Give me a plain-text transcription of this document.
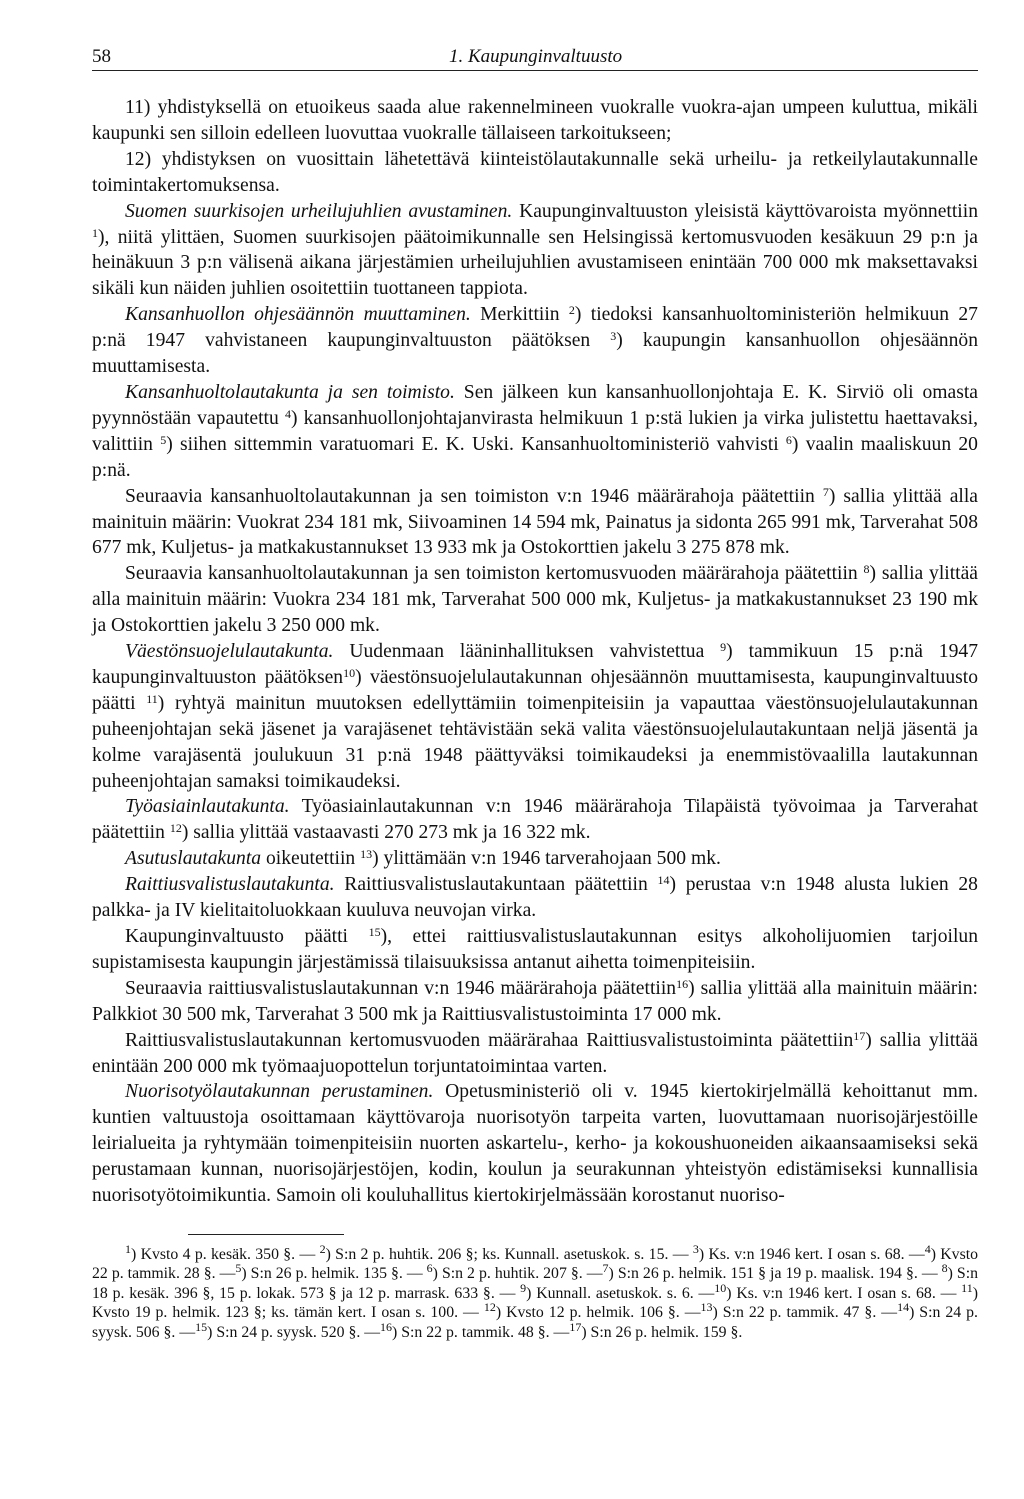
58	1. Kaupunginvaltuusto

11) yhdistyksellä on etuoikeus saada alue rakennelmineen vuokralle vuokra-ajan umpeen kuluttua, mikäli kaupunki sen silloin edelleen luovuttaa vuokralle tällaiseen tarkoitukseen;

12) yhdistyksen on vuosittain lähetettävä kiinteistölautakunnalle sekä urheilu- ja retkeilylautakunnalle toimintakertomuksensa.

Suomen suurkisojen urheilujuhlien avustaminen. Kaupunginvaltuuston yleisistä käyttövaroista myönnettiin $^1$), niitä ylittäen, Suomen suurkisojen päätoimikunnalle sen Helsingissä kertomusvuoden kesäkuun 29 p:n ja heinäkuun 3 p:n välisenä aikana järjestämien urheilujuhlien avustamiseen enintään 700 000 mk maksettavaksi sikäli kun näiden juhlien osoitettiin tuottaneen tappiota.

Kansanhuollon ohjesäännön muuttaminen. Merkittiin $^2$) tiedoksi kansanhuoltoministeriön helmikuun 27 p:nä 1947 vahvistaneen kaupunginvaltuuston päätöksen $^3$) kaupungin kansanhuollon ohjesäännön muuttamisesta.

Kansanhuoltolautakunta ja sen toimisto. Sen jälkeen kun kansanhuollonjohtaja E. K. Sirviö oli omasta pyynnöstään vapautettu $^4$) kansanhuollonjohtajanvirasta helmikuun 1 p:stä lukien ja virka julistettu haettavaksi, valittiin $^5$) siihen sittemmin varatuomari E. K. Uski. Kansanhuoltoministeriö vahvisti $^6$) vaalin maaliskuun 20 p:nä.

Seuraavia kansanhuoltolautakunnan ja sen toimiston v:n 1946 määrärahoja päätettiin $^7$) sallia ylittää alla mainituin määrin: Vuokrat 234 181 mk, Siivoaminen 14 594 mk, Painatus ja sidonta 265 991 mk, Tarverahat 508 677 mk, Kuljetus- ja matkakustannukset 13 933 mk ja Ostokorttien jakelu 3 275 878 mk.

Seuraavia kansanhuoltolautakunnan ja sen toimiston kertomusvuoden määrärahoja päätettiin $^8$) sallia ylittää alla mainituin määrin: Vuokra 234 181 mk, Tarverahat 500 000 mk, Kuljetus- ja matkakustannukset 23 190 mk ja Ostokorttien jakelu 3 250 000 mk.

Väestönsuojelulautakunta. Uudenmaan lääninhallituksen vahvistettua $^9$) tammikuun 15 p:nä 1947 kaupunginvaltuuston päätöksen$^{10}$) väestönsuojelulautakunnan ohjesäännön muuttamisesta, kaupunginvaltuusto päätti $^{11}$) ryhtyä mainitun muutoksen edellyttämiin toimenpiteisiin ja vapauttaa väestönsuojelulautakunnan puheenjohtajan sekä jäsenet ja varajäsenet tehtävistään sekä valita väestönsuojelulautakuntaan neljä jäsentä ja kolme varajäsentä joulukuun 31 p:nä 1948 päättyväksi toimikaudeksi ja enemmistövaalilla lautakunnan puheenjohtajan samaksi toimikaudeksi.

Työasiainlautakunta. Työasiainlautakunnan v:n 1946 määrärahoja Tilapäistä työvoimaa ja Tarverahat päätettiin $^{12}$) sallia ylittää vastaavasti 270 273 mk ja 16 322 mk.

Asutuslautakunta oikeutettiin $^{13}$) ylittämään v:n 1946 tarverahojaan 500 mk.

Raittiusvalistuslautakunta. Raittiusvalistuslautakuntaan päätettiin $^{14}$) perustaa v:n 1948 alusta lukien 28 palkka- ja IV kielitaitoluokkaan kuuluva neuvojan virka.

Kaupunginvaltuusto päätti $^{15}$), ettei raittiusvalistuslautakunnan esitys alkoholijuomien tarjoilun supistamisesta kaupungin järjestämissä tilaisuuksissa antanut aihetta toimenpiteisiin.

Seuraavia raittiusvalistuslautakunnan v:n 1946 määrärahoja päätettiin$^{16}$) sallia ylittää alla mainituin määrin: Palkkiot 30 500 mk, Tarverahat 3 500 mk ja Raittiusvalistustoiminta 17 000 mk.

Raittiusvalistuslautakunnan kertomusvuoden määrärahaa Raittiusvalistustoiminta päätettiin$^{17}$) sallia ylittää enintään 200 000 mk työmaajuopottelun torjuntatoimintaa varten.

Nuorisotyölautakunnan perustaminen. Opetusministeriö oli v. 1945 kiertokirjelmällä kehoittanut mm. kuntien valtuustoja osoittamaan käyttövaroja nuorisotyön tarpeita varten, luovuttamaan nuorisojärjestöille leirialueita ja ryhtymään toimenpiteisiin nuorten askartelu-, kerho- ja kokoushuoneiden aikaansaamiseksi sekä perustamaan kunnan, nuorisojärjestöjen, kodin, koulun ja seurakunnan yhteistyön edistämiseksi kunnallisia nuorisotyötoimikuntia. Samoin oli kouluhallitus kiertokirjelmässään korostanut nuoriso-

$^1$) Kvsto 4 p. kesäk. 350 §. — $^2$) S:n 2 p. huhtik. 206 §; ks. Kunnall. asetuskok. s. 15. — $^3$) Ks. v:n 1946 kert. I osan s. 68. —$^4$) Kvsto 22 p. tammik. 28 §. —$^5$) S:n 26 p. helmik. 135 §. — $^6$) S:n 2 p. huhtik. 207 §. —$^7$) S:n 26 p. helmik. 151 § ja 19 p. maalisk. 194 §. — $^8$) S:n 18 p. kesäk. 396 §, 15 p. lokak. 573 § ja 12 p. marrask. 633 §. — $^9$) Kunnall. asetuskok. s. 6. —$^{10}$) Ks. v:n 1946 kert. I osan s. 68. — $^{11}$) Kvsto 19 p. helmik. 123 §; ks. tämän kert. I osan s. 100. — $^{12}$) Kvsto 12 p. helmik. 106 §. —$^{13}$) S:n 22 p. tammik. 47 §. —$^{14}$) S:n 24 p. syysk. 506 §. —$^{15}$) S:n 24 p. syysk. 520 §. —$^{16}$) S:n 22 p. tammik. 48 §. —$^{17}$) S:n 26 p. helmik. 159 §.
